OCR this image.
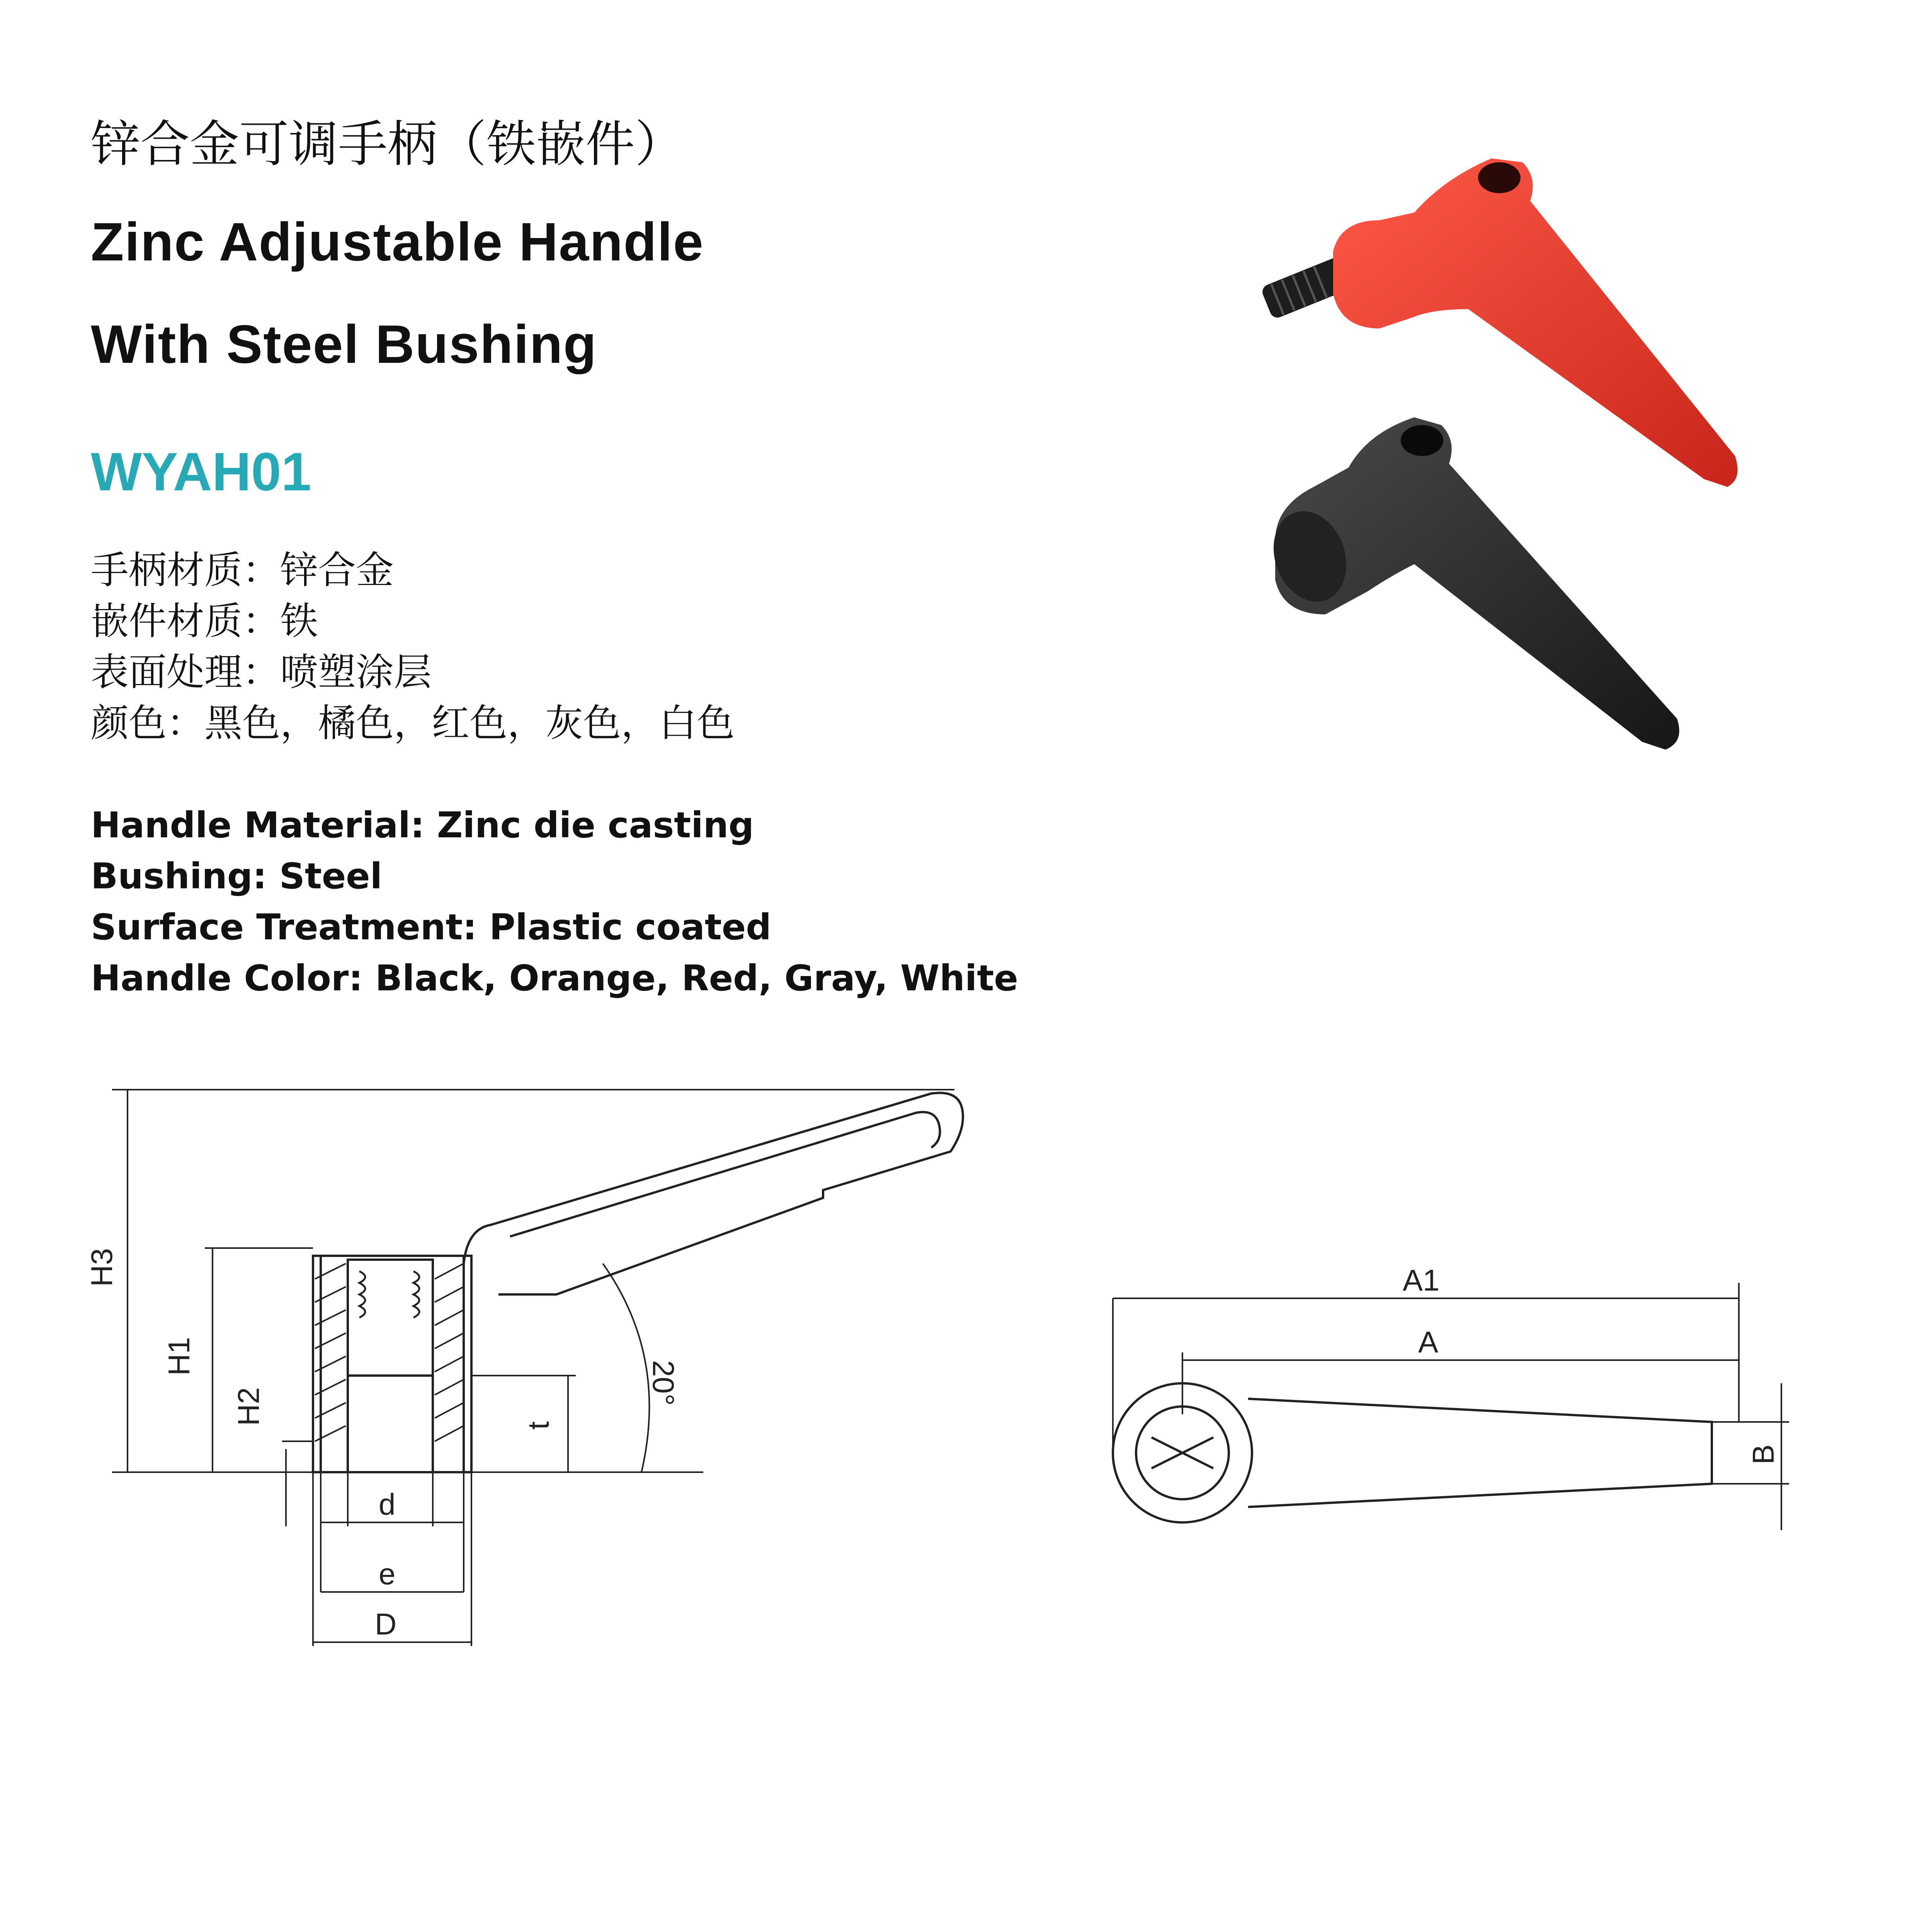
锌合金可调手柄（铁嵌件）
Zinc Adjustable Handle
With Steel Bushing
WYAH01
手柄材质：锌合金
嵌件材质：铁
表面处理：喷塑涂层
颜色：黑色，橘色，红色，灰色，白色
Handle Material: Zinc die casting
Bushing: Steel
Surface Treatment: Plastic coated
Handle Color: Black, Orange, Red, Gray, White
H3
H1
H2	t
20°
d
e
D
A1
A
B
